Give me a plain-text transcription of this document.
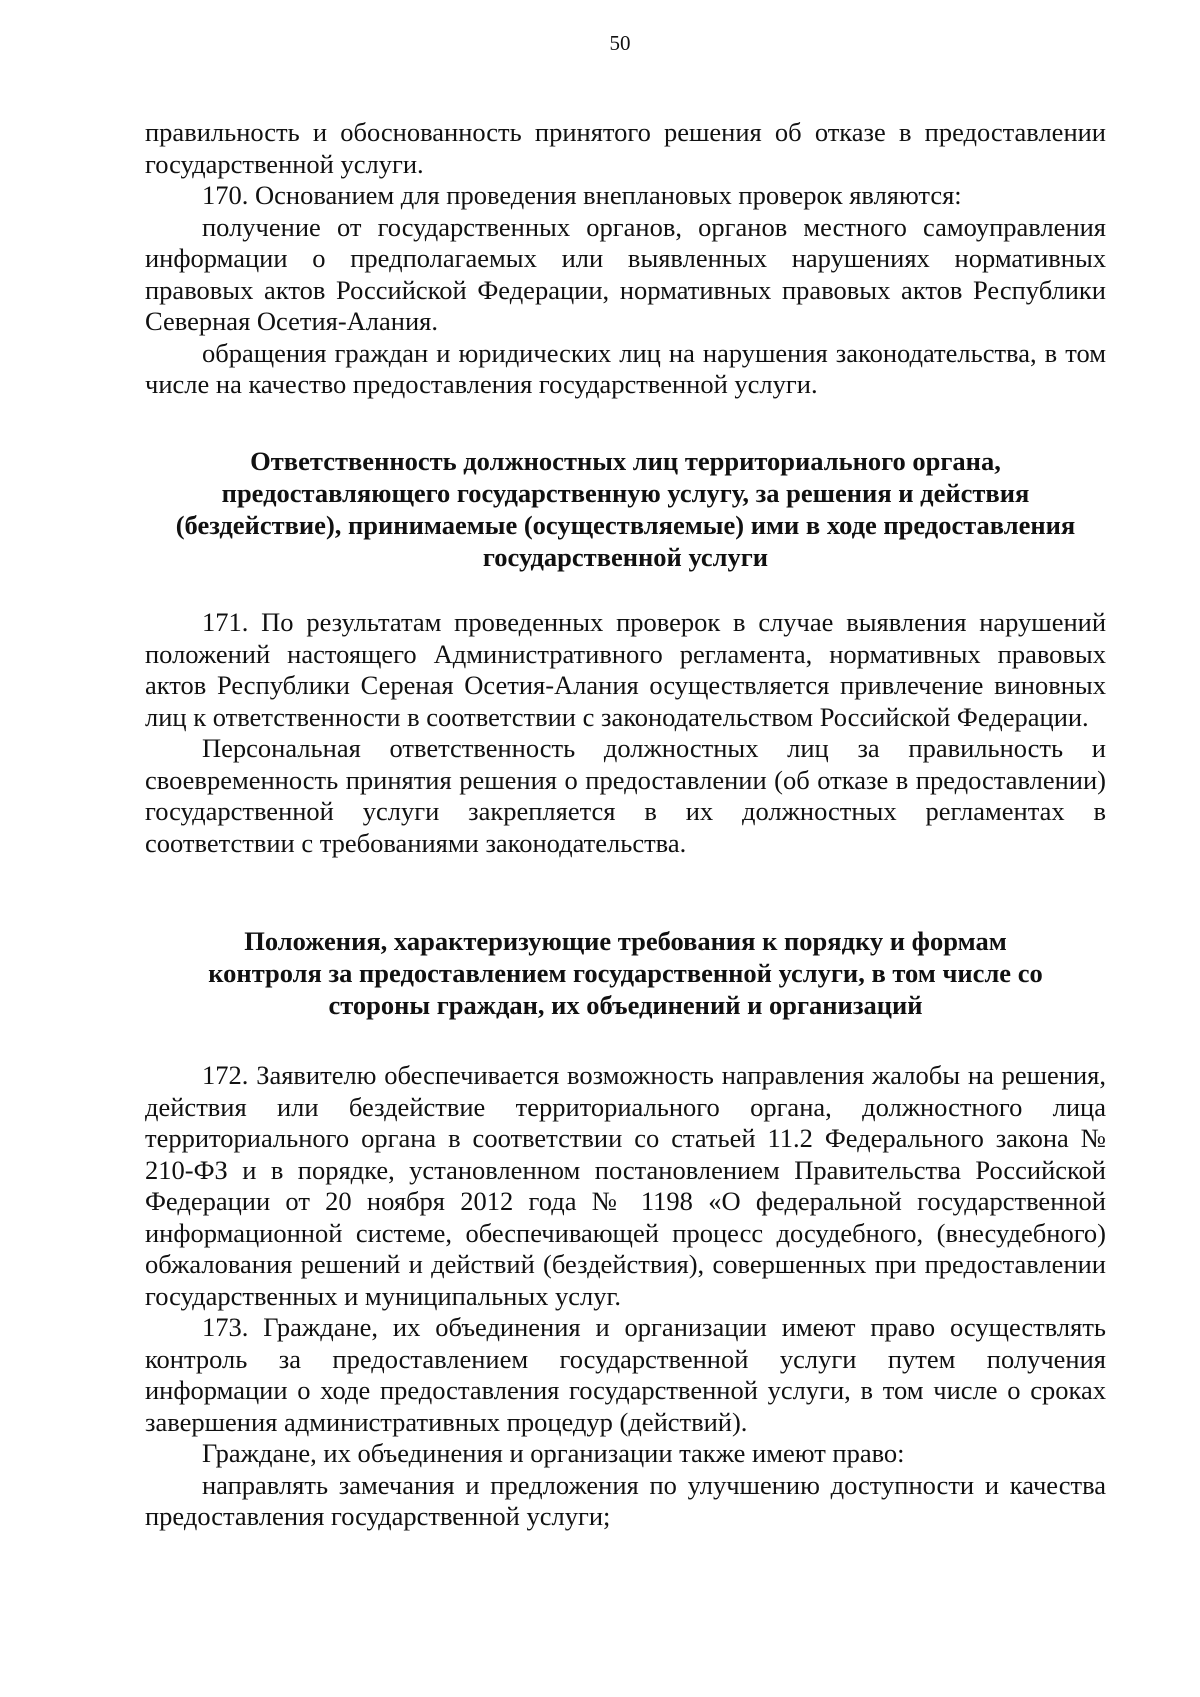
50

правильность и обоснованность принятого решения об отказе в предоставлении государственной услуги.

170. Основанием для проведения внеплановых проверок являются:

получение от государственных органов, органов местного самоуправления информации о предполагаемых или выявленных нарушениях нормативных правовых актов Российской Федерации, нормативных правовых актов Республики Северная Осетия-Алания.

обращения граждан и юридических лиц на нарушения законодательства, в том числе на качество предоставления государственной услуги.

Ответственность должностных лиц территориального органа,
предоставляющего государственную услугу, за решения и действия
(бездействие), принимаемые (осуществляемые) ими в ходе предоставления
государственной услуги

171. По результатам проведенных проверок в случае выявления нарушений положений настоящего Административного регламента, нормативных правовых актов Республики Сереная Осетия-Алания осуществляется привлечение виновных лиц к ответственности в соответствии с законодательством Российской Федерации.

Персональная ответственность должностных лиц за правильность и своевременность принятия решения о предоставлении (об отказе в предоставлении) государственной услуги закрепляется в их должностных регламентах в соответствии с требованиями законодательства.

Положения, характеризующие требования к порядку и формам
контроля за предоставлением государственной услуги, в том числе со
стороны граждан, их объединений и организаций

172. Заявителю обеспечивается возможность направления жалобы на решения, действия или бездействие территориального органа, должностного лица территориального органа в соответствии со статьей 11.2 Федерального закона № 210-ФЗ и в порядке, установленном постановлением Правительства Российской Федерации от 20 ноября 2012 года № 1198 «О федеральной государственной информационной системе, обеспечивающей процесс досудебного, (внесудебного) обжалования решений и действий (бездействия), совершенных при предоставлении государственных и муниципальных услуг.

173. Граждане, их объединения и организации имеют право осуществлять контроль за предоставлением государственной услуги путем получения информации о ходе предоставления государственной услуги, в том числе о сроках завершения административных процедур (действий).

Граждане, их объединения и организации также имеют право:

направлять замечания и предложения по улучшению доступности и качества предоставления государственной услуги;
